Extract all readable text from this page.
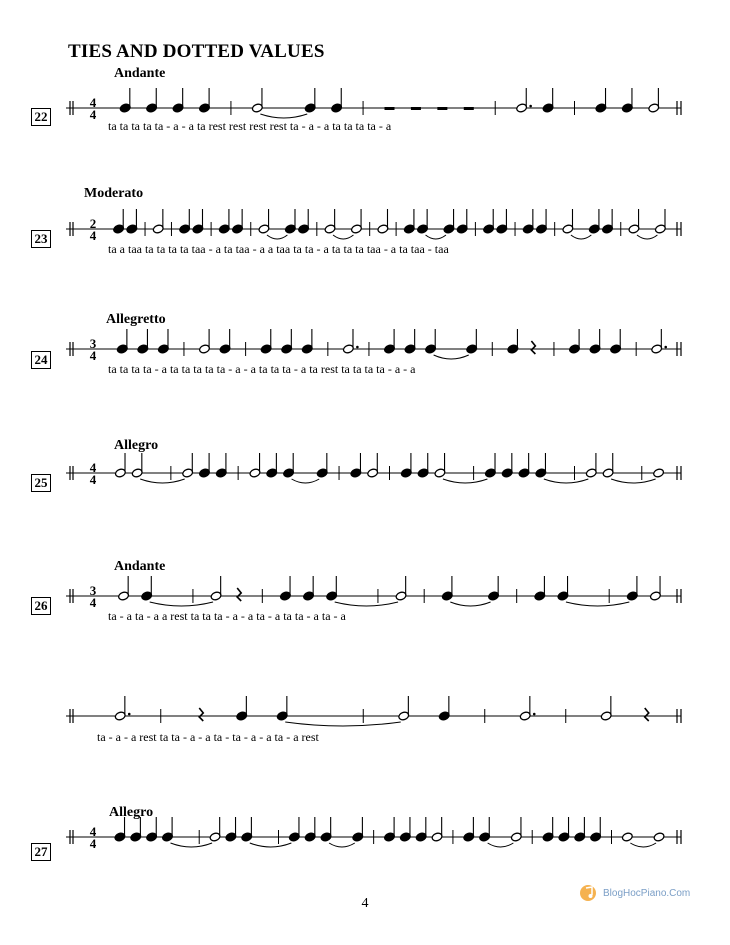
TIES AND DOTTED VALUES
Andante
22
4
4
ta ta ta ta ta - a - a ta rest rest rest rest ta - a - a ta ta ta ta - a
Moderato
23
2
4
ta a taa ta ta ta ta taa - a ta taa - a a taa ta ta - a ta ta ta taa - a ta taa - taa
Allegretto
24
3
4
ta ta ta ta - a ta ta ta ta ta - a - a ta ta ta - a ta rest ta ta ta ta - a - a
Allegro
25
4
4
Andante
26
3
4
ta - a ta - a a rest ta ta ta - a - a ta - a ta ta - a ta - a
ta - a - a rest ta ta - a - a ta - ta - a - a ta - a rest
Allegro
27
4
4
4
BlogHocPiano.Com
